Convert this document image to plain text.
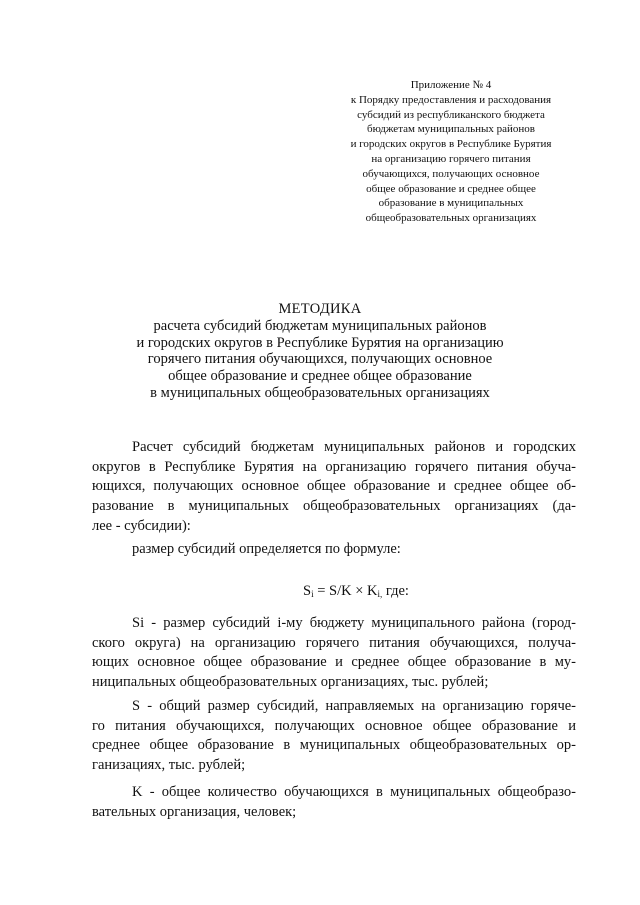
Приложение № 4
к Порядку предоставления и расходования
субсидий из республиканского бюджета
бюджетам муниципальных районов
и городских округов в Республике Бурятия
на организацию горячего питания
обучающихся, получающих основное
общее образование и среднее общее
образование в муниципальных
общеобразовательных организациях
МЕТОДИКА
расчета субсидий бюджетам муниципальных районов
и городских округов в Республике Бурятия на организацию
горячего питания обучающихся, получающих основное
общее образование и среднее общее образование
в муниципальных общеобразовательных организациях
Расчет субсидий бюджетам муниципальных районов и городских
округов в Республике Бурятия на организацию горячего питания обуча-
ющихся, получающих основное общее образование и среднее общее об-
разование в муниципальных общеобразовательных организациях (да-
лее - субсидии):
размер субсидий определяется по формуле:
$S_i = S/K \times K_{i,}$ где:
Si - размер субсидий i-му бюджету муниципального района (город-
ского округа) на организацию горячего питания обучающихся, получа-
ющих основное общее образование и среднее общее образование в му-
ниципальных общеобразовательных организациях, тыс. рублей;
S - общий размер субсидий, направляемых на организацию горяче-
го питания обучающихся, получающих основное общее образование и
среднее общее образование в муниципальных общеобразовательных ор-
ганизациях, тыс. рублей;
K - общее количество обучающихся в муниципальных общеобразо-
вательных организация, человек;
